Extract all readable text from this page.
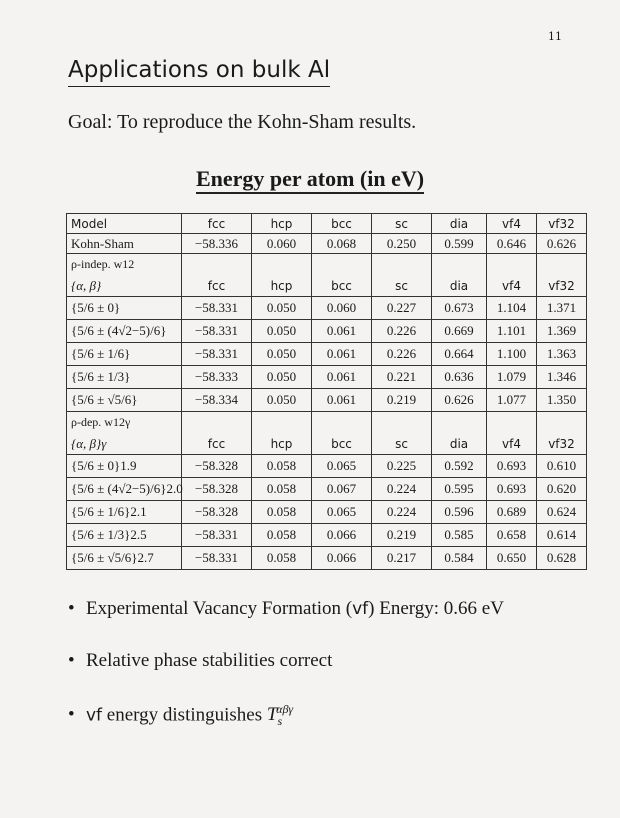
11
Applications on bulk Al
Goal: To reproduce the Kohn-Sham results.
Energy per atom (in eV)
Model	fcc	hcp	bcc	sc	dia	vf4	vf32
Kohn-Sham	−58.336	0.060	0.068	0.250	0.599	0.646	0.626
ρ-indep. w12							
{α, β}	fcc	hcp	bcc	sc	dia	vf4	vf32
{5/6 ± 0}	−58.331	0.050	0.060	0.227	0.673	1.104	1.371
{5/6 ± (4√2−5)/6}	−58.331	0.050	0.061	0.226	0.669	1.101	1.369
{5/6 ± 1/6}	−58.331	0.050	0.061	0.226	0.664	1.100	1.363
{5/6 ± 1/3}	−58.333	0.050	0.061	0.221	0.636	1.079	1.346
{5/6 ± √5/6}	−58.334	0.050	0.061	0.219	0.626	1.077	1.350
ρ-dep. w12γ							
{α, β}γ	fcc	hcp	bcc	sc	dia	vf4	vf32
{5/6 ± 0}1.9	−58.328	0.058	0.065	0.225	0.592	0.693	0.610
{5/6 ± (4√2−5)/6}2.0	−58.328	0.058	0.067	0.224	0.595	0.693	0.620
{5/6 ± 1/6}2.1	−58.328	0.058	0.065	0.224	0.596	0.689	0.624
{5/6 ± 1/3}2.5	−58.331	0.058	0.066	0.219	0.585	0.658	0.614
{5/6 ± √5/6}2.7	−58.331	0.058	0.066	0.217	0.584	0.650	0.628
• Experimental Vacancy Formation (vf) Energy: 0.66 eV
• Relative phase stabilities correct
• vf energy distinguishes $T_s^{\alpha\beta\gamma}$
